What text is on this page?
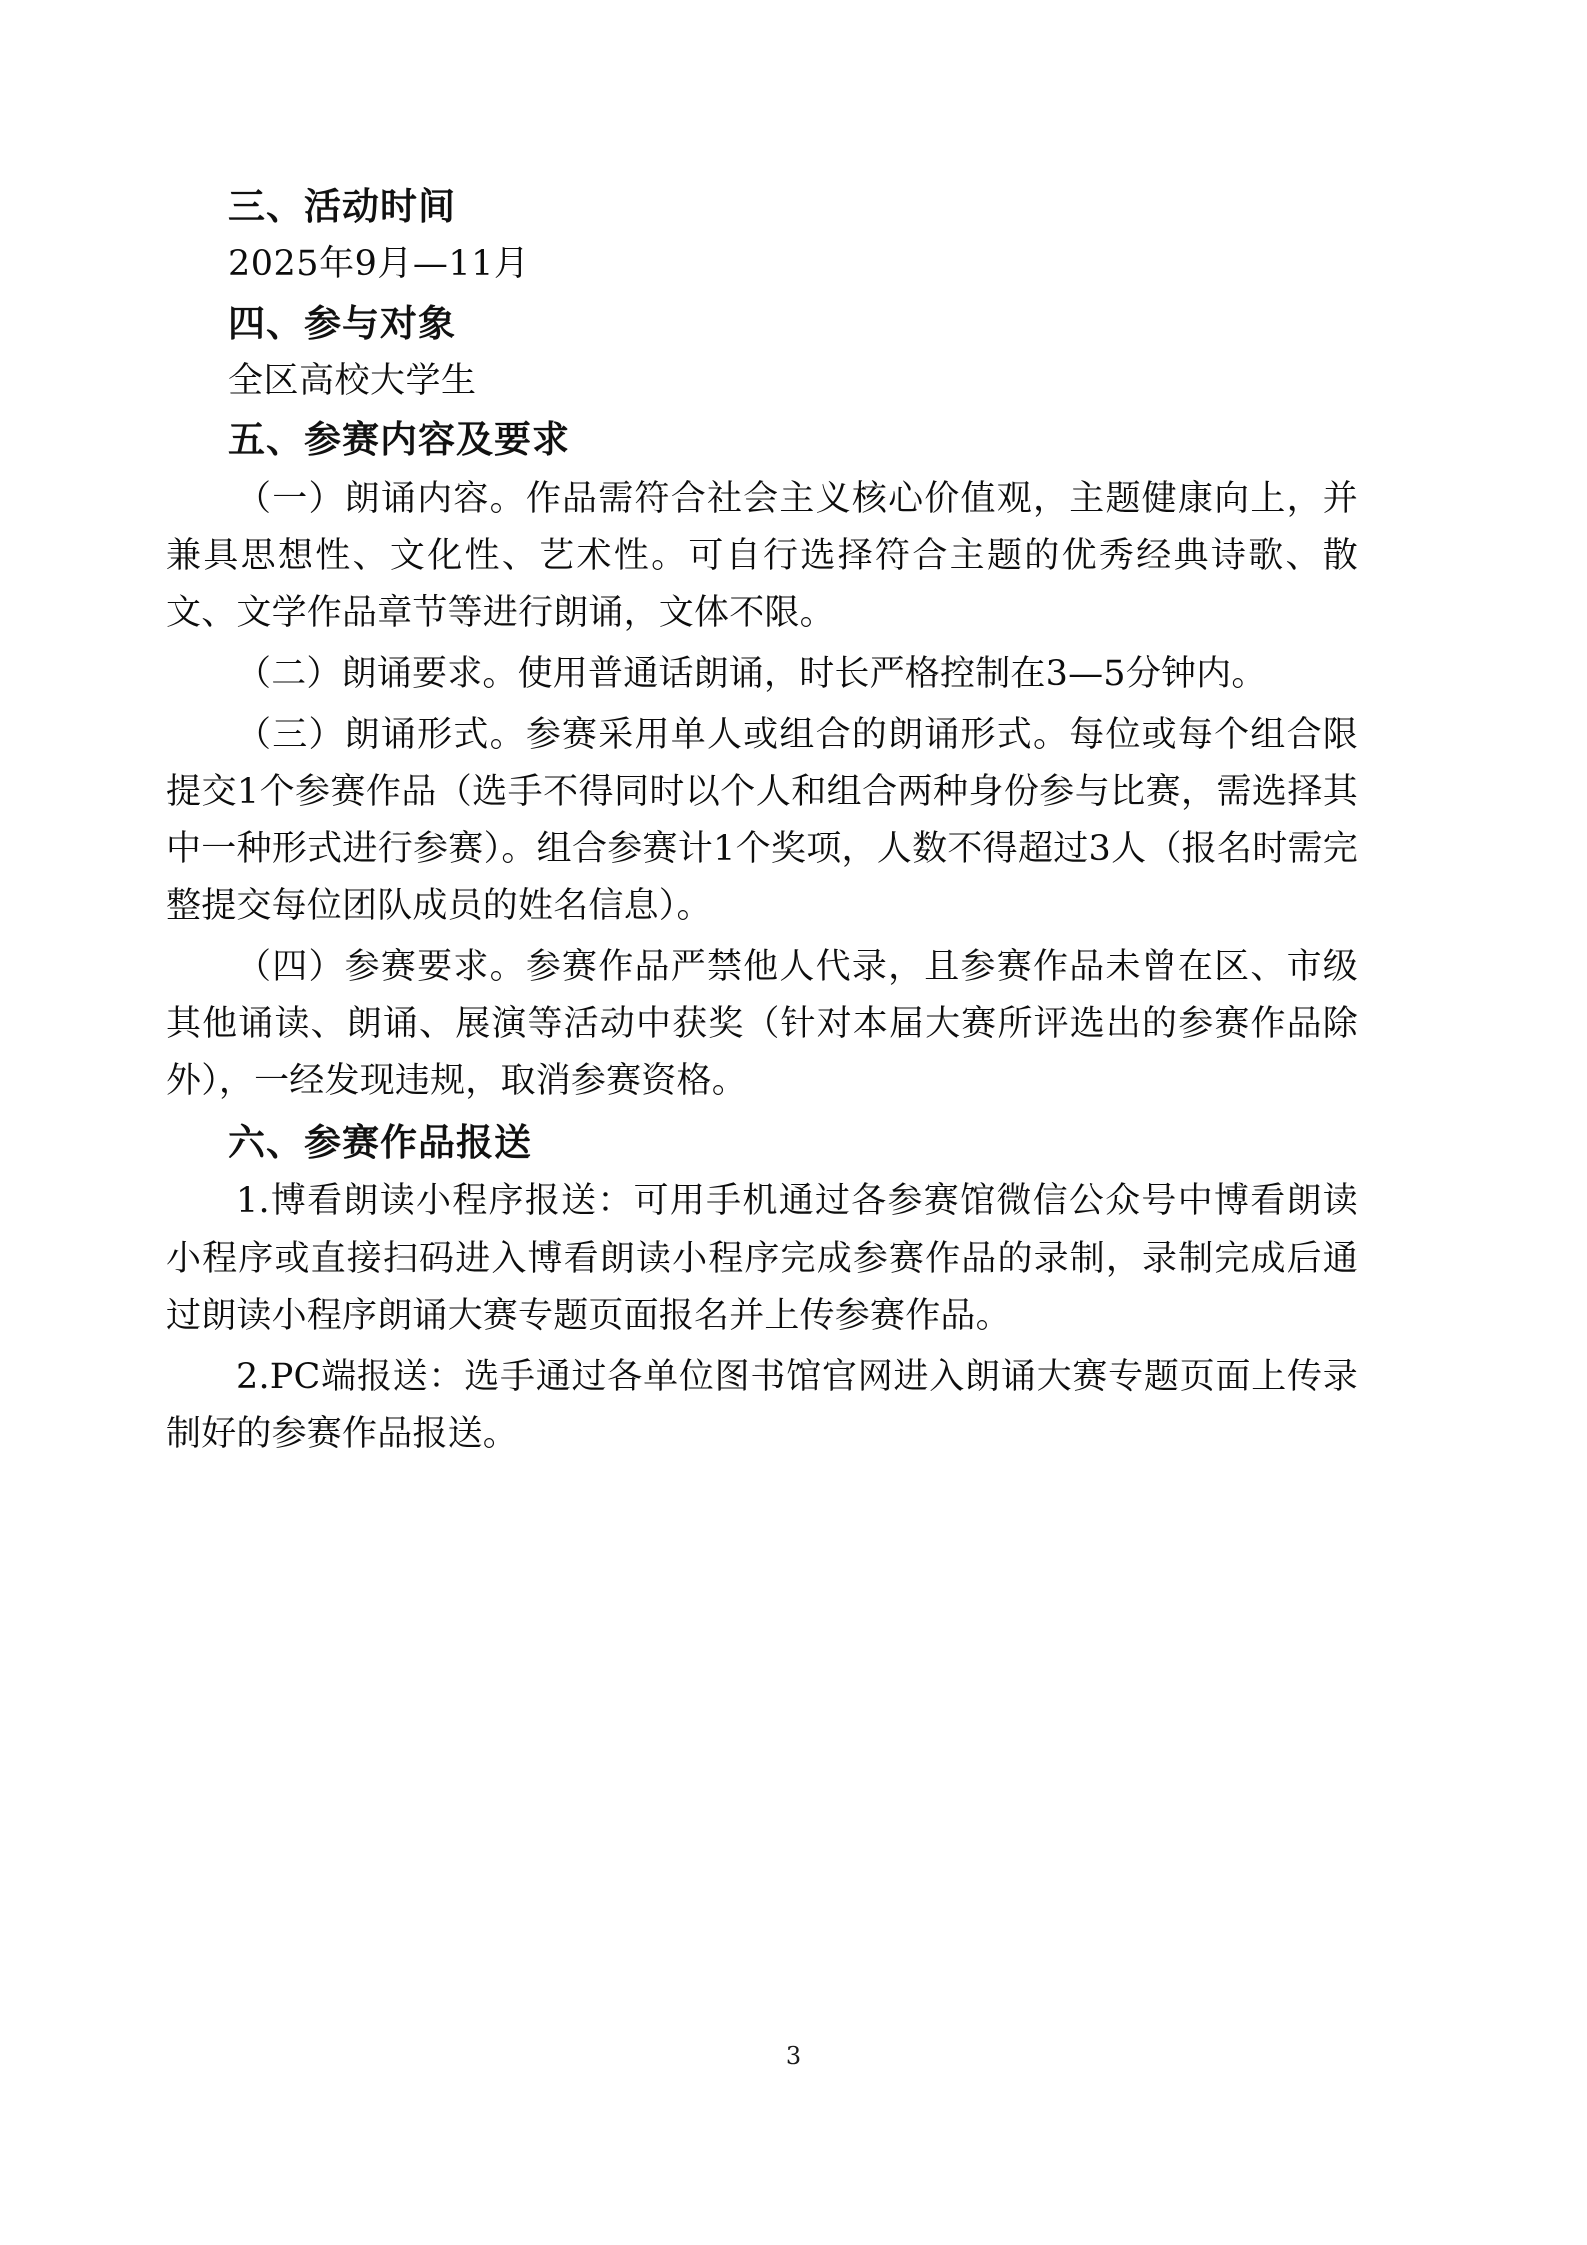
三、活动时间

2025年9月—11月

四、参与对象

全区高校大学生

五、参赛内容及要求

（一）朗诵内容。作品需符合社会主义核心价值观，主题健康向上，并兼具思想性、文化性、艺术性。可自行选择符合主题的优秀经典诗歌、散文、文学作品章节等进行朗诵，文体不限。

（二）朗诵要求。使用普通话朗诵，时长严格控制在3—5分钟内。

（三）朗诵形式。参赛采用单人或组合的朗诵形式。每位或每个组合限提交1个参赛作品（选手不得同时以个人和组合两种身份参与比赛，需选择其中一种形式进行参赛）。组合参赛计1个奖项，人数不得超过3人（报名时需完整提交每位团队成员的姓名信息）。

（四）参赛要求。参赛作品严禁他人代录，且参赛作品未曾在区、市级其他诵读、朗诵、展演等活动中获奖（针对本届大赛所评选出的参赛作品除外），一经发现违规，取消参赛资格。

六、参赛作品报送

1.博看朗读小程序报送：可用手机通过各参赛馆微信公众号中博看朗读小程序或直接扫码进入博看朗读小程序完成参赛作品的录制，录制完成后通过朗读小程序朗诵大赛专题页面报名并上传参赛作品。

2.PC端报送：选手通过各单位图书馆官网进入朗诵大赛专题页面上传录制好的参赛作品报送。

3
